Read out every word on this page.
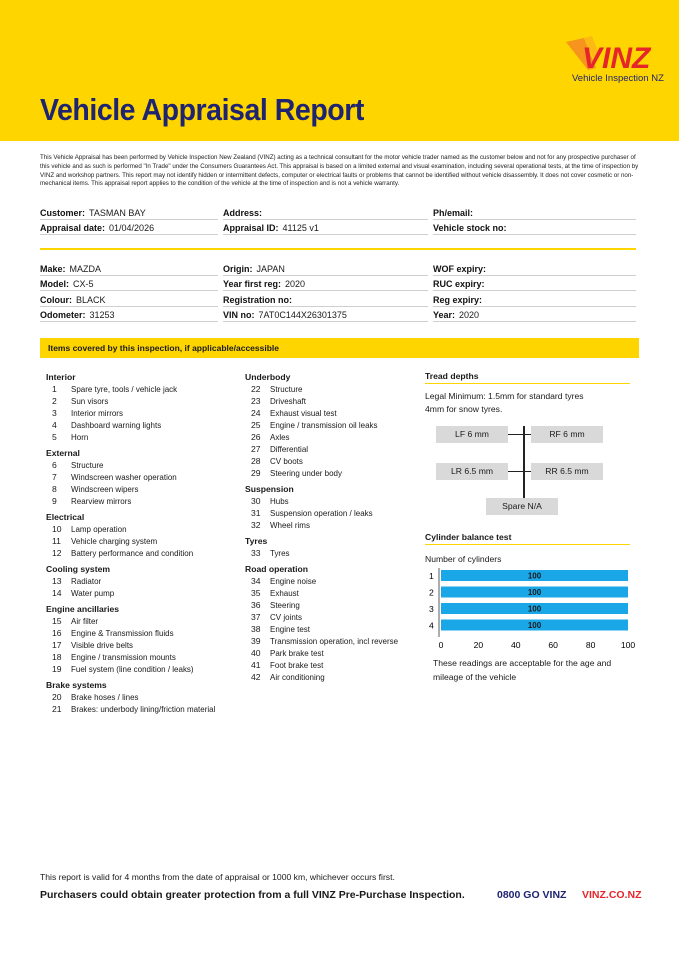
Vehicle Appraisal Report
VINZ
Vehicle Inspection NZ

This Vehicle Appraisal has been performed by Vehicle Inspection New Zealand (VINZ) acting as a technical consultant for the motor vehicle trader named as the customer below and not for any prospective purchaser of this vehicle and as such is performed "In Trade" under the Consumers Guarantees Act. This appraisal is based on a limited external and visual examination, including several operational tests, at the time of inspection by VINZ and workshop partners. This report may not identify hidden or intermittent defects, computer or electrical faults or problems that cannot be identified without vehicle disassembly. It does not cover cosmetic or non-mechanical items. This appraisal report applies to the condition of the vehicle at the time of inspection and is not a vehicle warranty.

Customer: TASMAN BAY	Address:	Ph/email:
Appraisal date: 01/04/2026	Appraisal ID: 41125 v1	Vehicle stock no:
Make: MAZDA	Origin: JAPAN	WOF expiry:
Model: CX-5	Year first reg: 2020	RUC expiry:
Colour: BLACK	Registration no:	Reg expiry:
Odometer: 31253	VIN no: 7AT0C144X26301375	Year: 2020
Items covered by this inspection, if applicable/accessible
Interior
1	Spare tyre, tools / vehicle jack
2	Sun visors
3	Interior mirrors
4	Dashboard warning lights
5	Horn
External
6	Structure
7	Windscreen washer operation
8	Windscreen wipers
9	Rearview mirrors
Electrical
10	Lamp operation
11	Vehicle charging system
12	Battery performance and condition
Cooling system
13	Radiator
14	Water pump
Engine ancillaries
15	Air filter
16	Engine & Transmission fluids
17	Visible drive belts
18	Engine / transmission mounts
19	Fuel system (line condition / leaks)
Brake systems
20	Brake hoses / lines
21	Brakes: underbody lining/friction material
Underbody
22	Structure
23	Driveshaft
24	Exhaust visual test
25	Engine / transmission oil leaks
26	Axles
27	Differential
28	CV boots
29	Steering under body
Suspension
30	Hubs
31	Suspension operation / leaks
32	Wheel rims
Tyres
33	Tyres
Road operation
34	Engine noise
35	Exhaust
36	Steering
37	CV joints
38	Engine test
39	Transmission operation, incl reverse
40	Park brake test
41	Foot brake test
42	Air conditioning
Tread depths
Legal Minimum: 1.5mm for standard tyres
4mm for snow tyres.
LF 6 mm	RF 6 mm
LR 6.5 mm	RR 6.5 mm
Spare N/A
Cylinder balance test
Number of cylinders
1	100
2	100
3	100
4	100
0	20	40	60	80	100
These readings are acceptable for the age and mileage of the vehicle
This report is valid for 4 months from the date of appraisal or 1000 km, whichever occurs first.
Purchasers could obtain greater protection from a full VINZ Pre-Purchase Inspection.	0800 GO VINZ VINZ.CO.NZ
